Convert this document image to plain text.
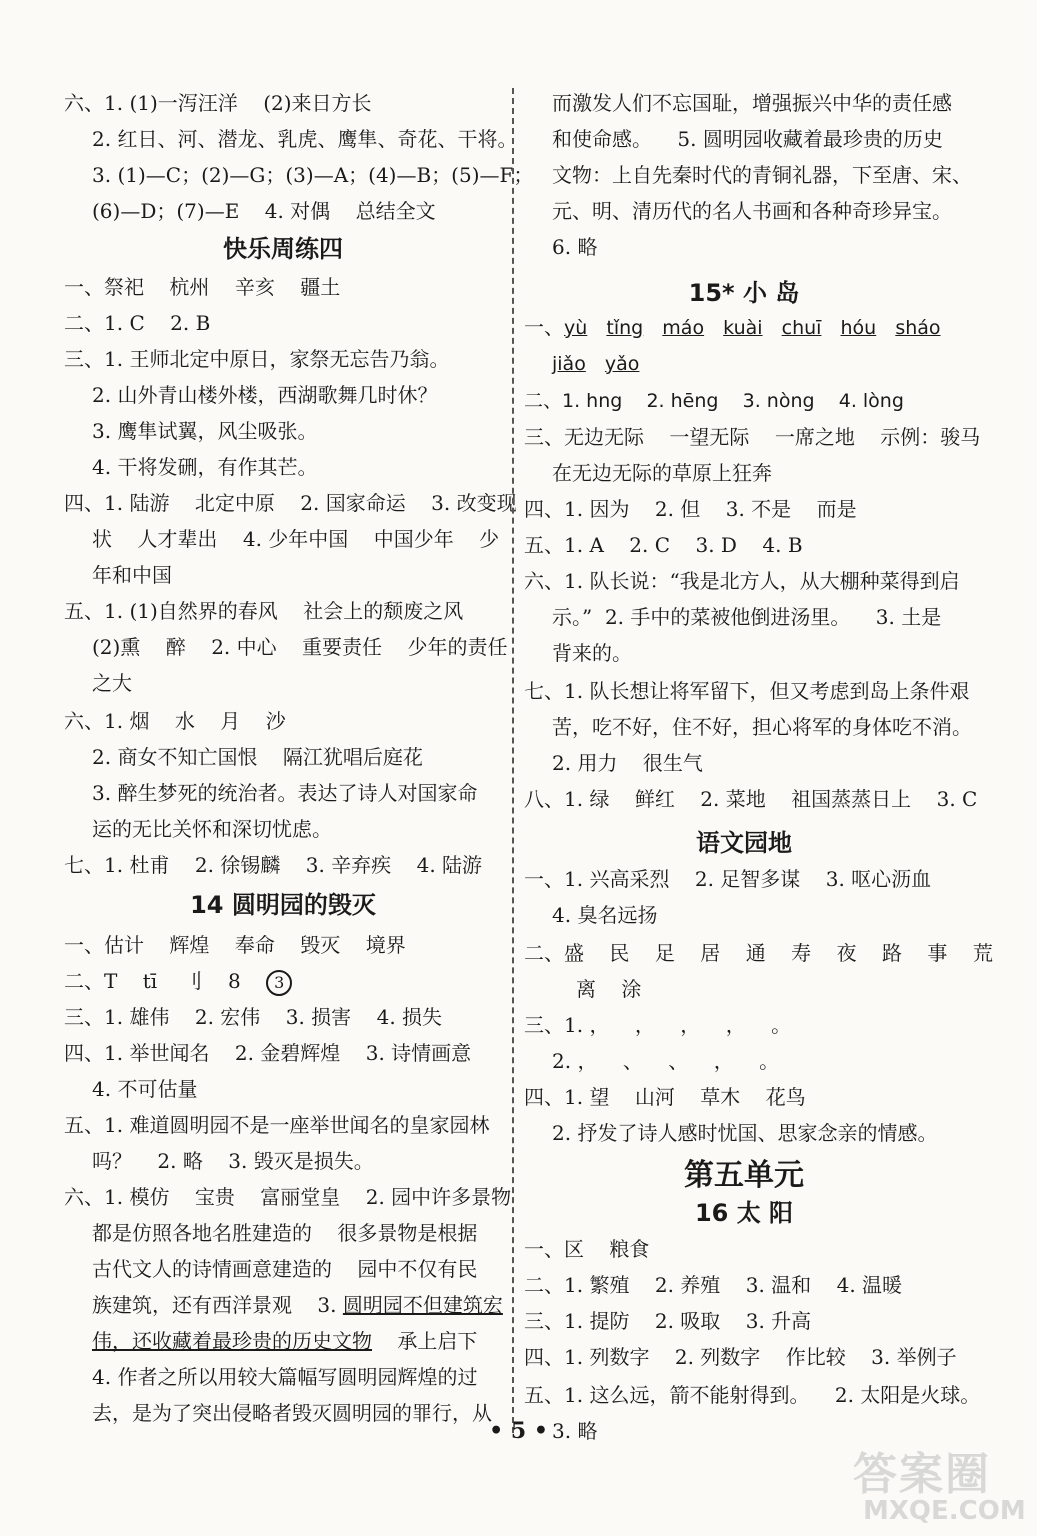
六、1. (1)一泻汪洋    (2)来日方长
2. 红日、河、潜龙、乳虎、鹰隼、奇花、干将。
3. (1)—C；(2)—G；(3)—A；(4)—B；(5)—F；
(6)—D；(7)—E    4. 对偶    总结全文
快乐周练四
一、祭祀    杭州    辛亥    疆土
二、1. C    2. B
三、1. 王师北定中原日，家祭无忘告乃翁。
2. 山外青山楼外楼，西湖歌舞几时休？
3. 鹰隼试翼，风尘吸张。
4. 干将发硎，有作其芒。
四、1. 陆游    北定中原    2. 国家命运    3. 改变现
状    人才辈出    4. 少年中国    中国少年    少
年和中国
五、1. (1)自然界的春风    社会上的颓废之风
(2)熏    醉    2. 中心    重要责任    少年的责任
之大
六、1. 烟    水    月    沙
2. 商女不知亡国恨    隔江犹唱后庭花
3. 醉生梦死的统治者。表达了诗人对国家命
运的无比关怀和深切忧虑。
七、1. 杜甫    2. 徐锡麟    3. 辛弃疾    4. 陆游
14 圆明园的毁灭
一、估计    辉煌    奉命    毁灭    境界
二、T    tī    刂    8 3
三、1. 雄伟    2. 宏伟    3. 损害    4. 损失
四、1. 举世闻名    2. 金碧辉煌    3. 诗情画意
4. 不可估量
五、1. 难道圆明园不是一座举世闻名的皇家园林
吗？    2. 略    3. 毁灭是损失。
六、1. 模仿    宝贵    富丽堂皇    2. 园中许多景物
都是仿照各地名胜建造的    很多景物是根据
古代文人的诗情画意建造的    园中不仅有民
族建筑，还有西洋景观    3. 圆明园不但建筑宏
伟，还收藏着最珍贵的历史文物    承上启下
4. 作者之所以用较大篇幅写圆明园辉煌的过
去，是为了突出侵略者毁灭圆明园的罪行，从
而激发人们不忘国耻，增强振兴中华的责任感
和使命感。    5. 圆明园收藏着最珍贵的历史
文物：上自先秦时代的青铜礼器，下至唐、宋、
元、明、清历代的名人书画和各种奇珍异宝。
6. 略
15* 小 岛
一、yù tǐng máo kuài chuī hóu sháo
jiǎo yǎo
二、1. hng    2. hēng    3. nòng    4. lòng
三、无边无际    一望无际    一席之地    示例：骏马
在无边无际的草原上狂奔
四、1. 因为    2. 但    3. 不是    而是
五、1. A    2. C    3. D    4. B
六、1. 队长说：“我是北方人，从大棚种菜得到启
示。”  2. 手中的菜被他倒进汤里。    3. 土是
背来的。
七、1. 队长想让将军留下，但又考虑到岛上条件艰
苦，吃不好，住不好，担心将军的身体吃不消。
2. 用力    很生气
八、1. 绿    鲜红    2. 菜地    祖国蒸蒸日上    3. C
语文园地
一、1. 兴高采烈    2. 足智多谋    3. 呕心沥血
4. 臭名远扬
二、盛    民    足    居    通    寿    夜    路    事    荒
离    涂
三、1. ，    ，    ，    ，    。
2. ，    、    、    ，    。
四、1. 望    山河    草木    花鸟
2. 抒发了诗人感时忧国、思家念亲的情感。
第五单元
16 太 阳
一、区    粮食
二、1. 繁殖    2. 养殖    3. 温和    4. 温暖
三、1. 提防    2. 吸取    3. 升高
四、1. 列数字    2. 列数字    作比较    3. 举例子
五、1. 这么远，箭不能射得到。    2. 太阳是火球。
3. 略
• 5 •
答案圈
MXQE.COM
